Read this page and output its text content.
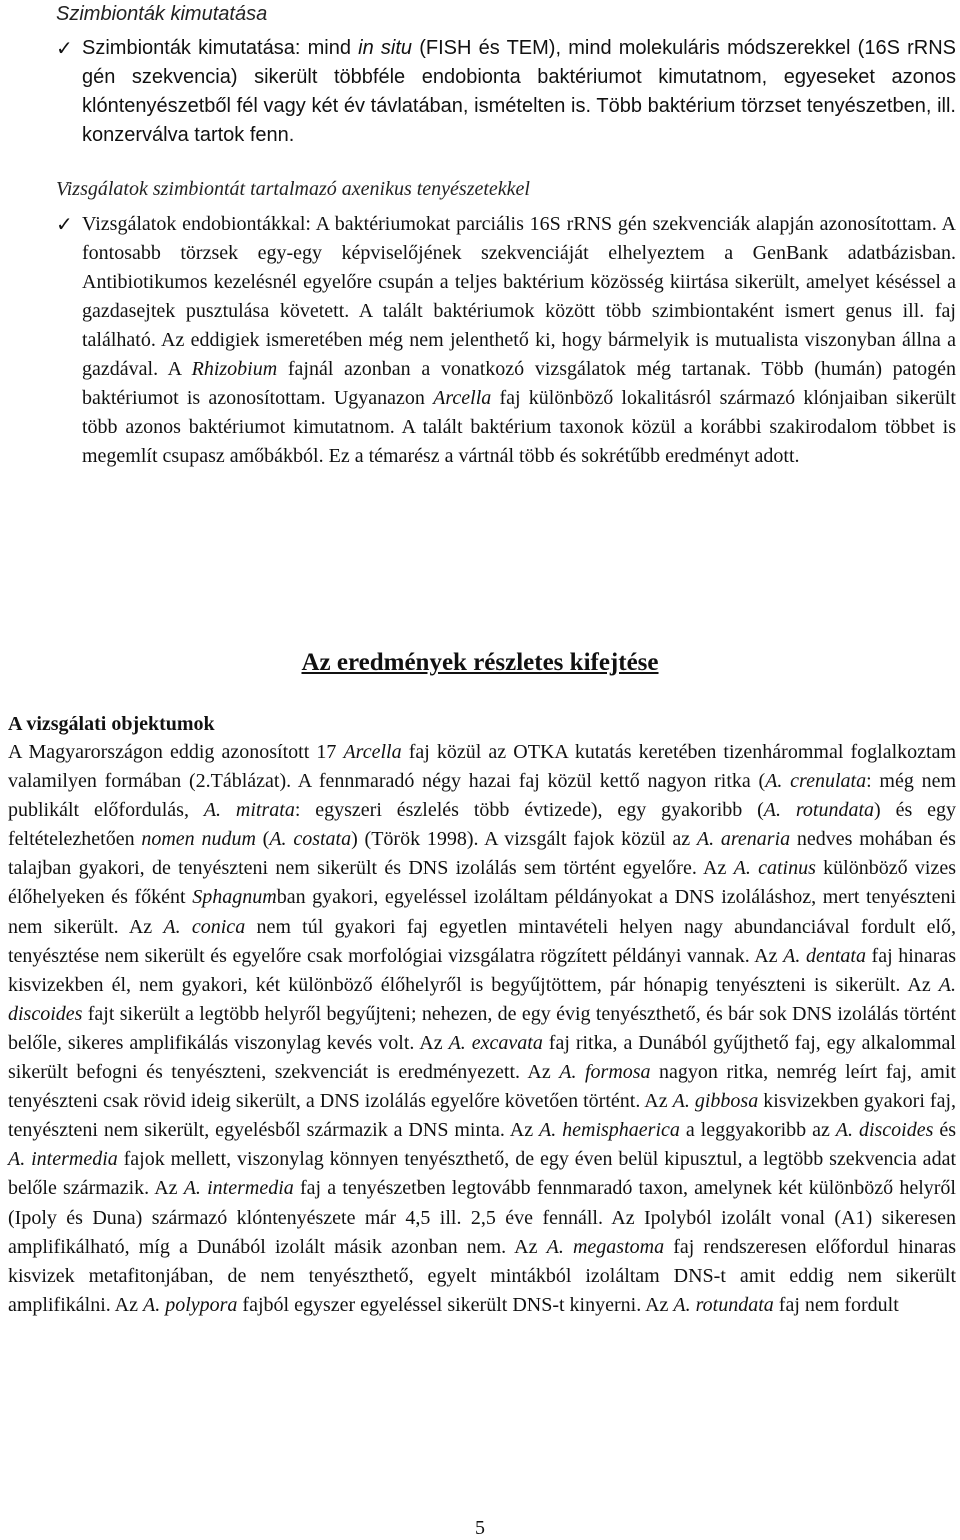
Szimbionták kimutatása
✓ Szimbionták kimutatása: mind in situ (FISH és TEM), mind molekuláris módszerekkel (16S rRNS gén szekvencia) sikerült többféle endobionta baktériumot kimutatnom, egyeseket azonos klóntenyészetből fél vagy két év távlatában, ismételten is. Több baktérium törzset tenyészetben, ill. konzerválva tartok fenn.
Vizsgálatok szimbiontát tartalmazó axenikus tenyészetekkel
✓ Vizsgálatok endobiontákkal: A baktériumokat parciális 16S rRNS gén szekvenciák alapján azonosítottam. A fontosabb törzsek egy-egy képviselőjének szekvenciáját elhelyeztem a GenBank adatbázisban. Antibiotikumos kezelésnél egyelőre csupán a teljes baktérium közösség kiirtása sikerült, amelyet késéssel a gazdasejtek pusztulása követett. A talált baktériumok között több szimbiontaként ismert genus ill. faj található. Az eddigiek ismeretében még nem jelenthető ki, hogy bármelyik is mutualista viszonyban állna a gazdával. A Rhizobium fajnál azonban a vonatkozó vizsgálatok még tartanak. Több (humán) patogén baktériumot is azonosítottam. Ugyanazon Arcella faj különböző lokalitásról származó klónjaiban sikerült több azonos baktériumot kimutatnom. A talált baktérium taxonok közül a korábbi szakirodalom többet is megemlít csupasz amőbákból. Ez a témarész a vártnál több és sokrétűbb eredményt adott.
Az eredmények részletes kifejtése
A vizsgálati objektumok
A Magyarországon eddig azonosított 17 Arcella faj közül az OTKA kutatás keretében tizenhárommal foglalkoztam valamilyen formában (2.Táblázat). A fennmaradó négy hazai faj közül kettő nagyon ritka (A. crenulata: még nem publikált előfordulás, A. mitrata: egyszeri észlelés több évtizede), egy gyakoribb (A. rotundata) és egy feltételezhetően nomen nudum (A. costata) (Török 1998). A vizsgált fajok közül az A. arenaria nedves mohában és talajban gyakori, de tenyészteni nem sikerült és DNS izolálás sem történt egyelőre. Az A. catinus különböző vizes élőhelyeken és főként Sphagnumban gyakori, egyeléssel izoláltam példányokat a DNS izoláláshoz, mert tenyészteni nem sikerült. Az A. conica nem túl gyakori faj egyetlen mintavételi helyen nagy abundanciával fordult elő, tenyésztése nem sikerült és egyelőre csak morfológiai vizsgálatra rögzített példányi vannak. Az A. dentata faj hinaras kisvizekben él, nem gyakori, két különböző élőhelyről is begyűjtöttem, pár hónapig tenyészteni is sikerült. Az A. discoides fajt sikerült a legtöbb helyről begyűjteni; nehezen, de egy évig tenyészthető, és bár sok DNS izolálás történt belőle, sikeres amplifikálás viszonylag kevés volt. Az A. excavata faj ritka, a Dunából gyűjthető faj, egy alkalommal sikerült befogni és tenyészteni, szekvenciát is eredményezett. Az A. formosa nagyon ritka, nemrég leírt faj, amit tenyészteni csak rövid ideig sikerült, a DNS izolálás egyelőre követően történt. Az A. gibbosa kisvizekben gyakori faj, tenyészteni nem sikerült, egyelésből származik a DNS minta. Az A. hemisphaerica a leggyakoribb az A. discoides és A. intermedia fajok mellett, viszonylag könnyen tenyészthető, de egy éven belül kipusztul, a legtöbb szekvencia adat belőle származik. Az A. intermedia faj a tenyészetben legtovább fennmaradó taxon, amelynek két különböző helyről (Ipoly és Duna) származó klóntenyészete már 4,5 ill. 2,5 éve fennáll. Az Ipolyból izolált vonal (A1) sikeresen amplifikálható, míg a Dunából izolált másik azonban nem. Az A. megastoma faj rendszeresen előfordul hinaras kisvizek metafitonjában, de nem tenyészthető, egyelt mintákból izoláltam DNS-t amit eddig nem sikerült amplifikálni. Az A. polypora fajból egyszer egyeléssel sikerült DNS-t kinyerni. Az A. rotundata faj nem fordult
5
